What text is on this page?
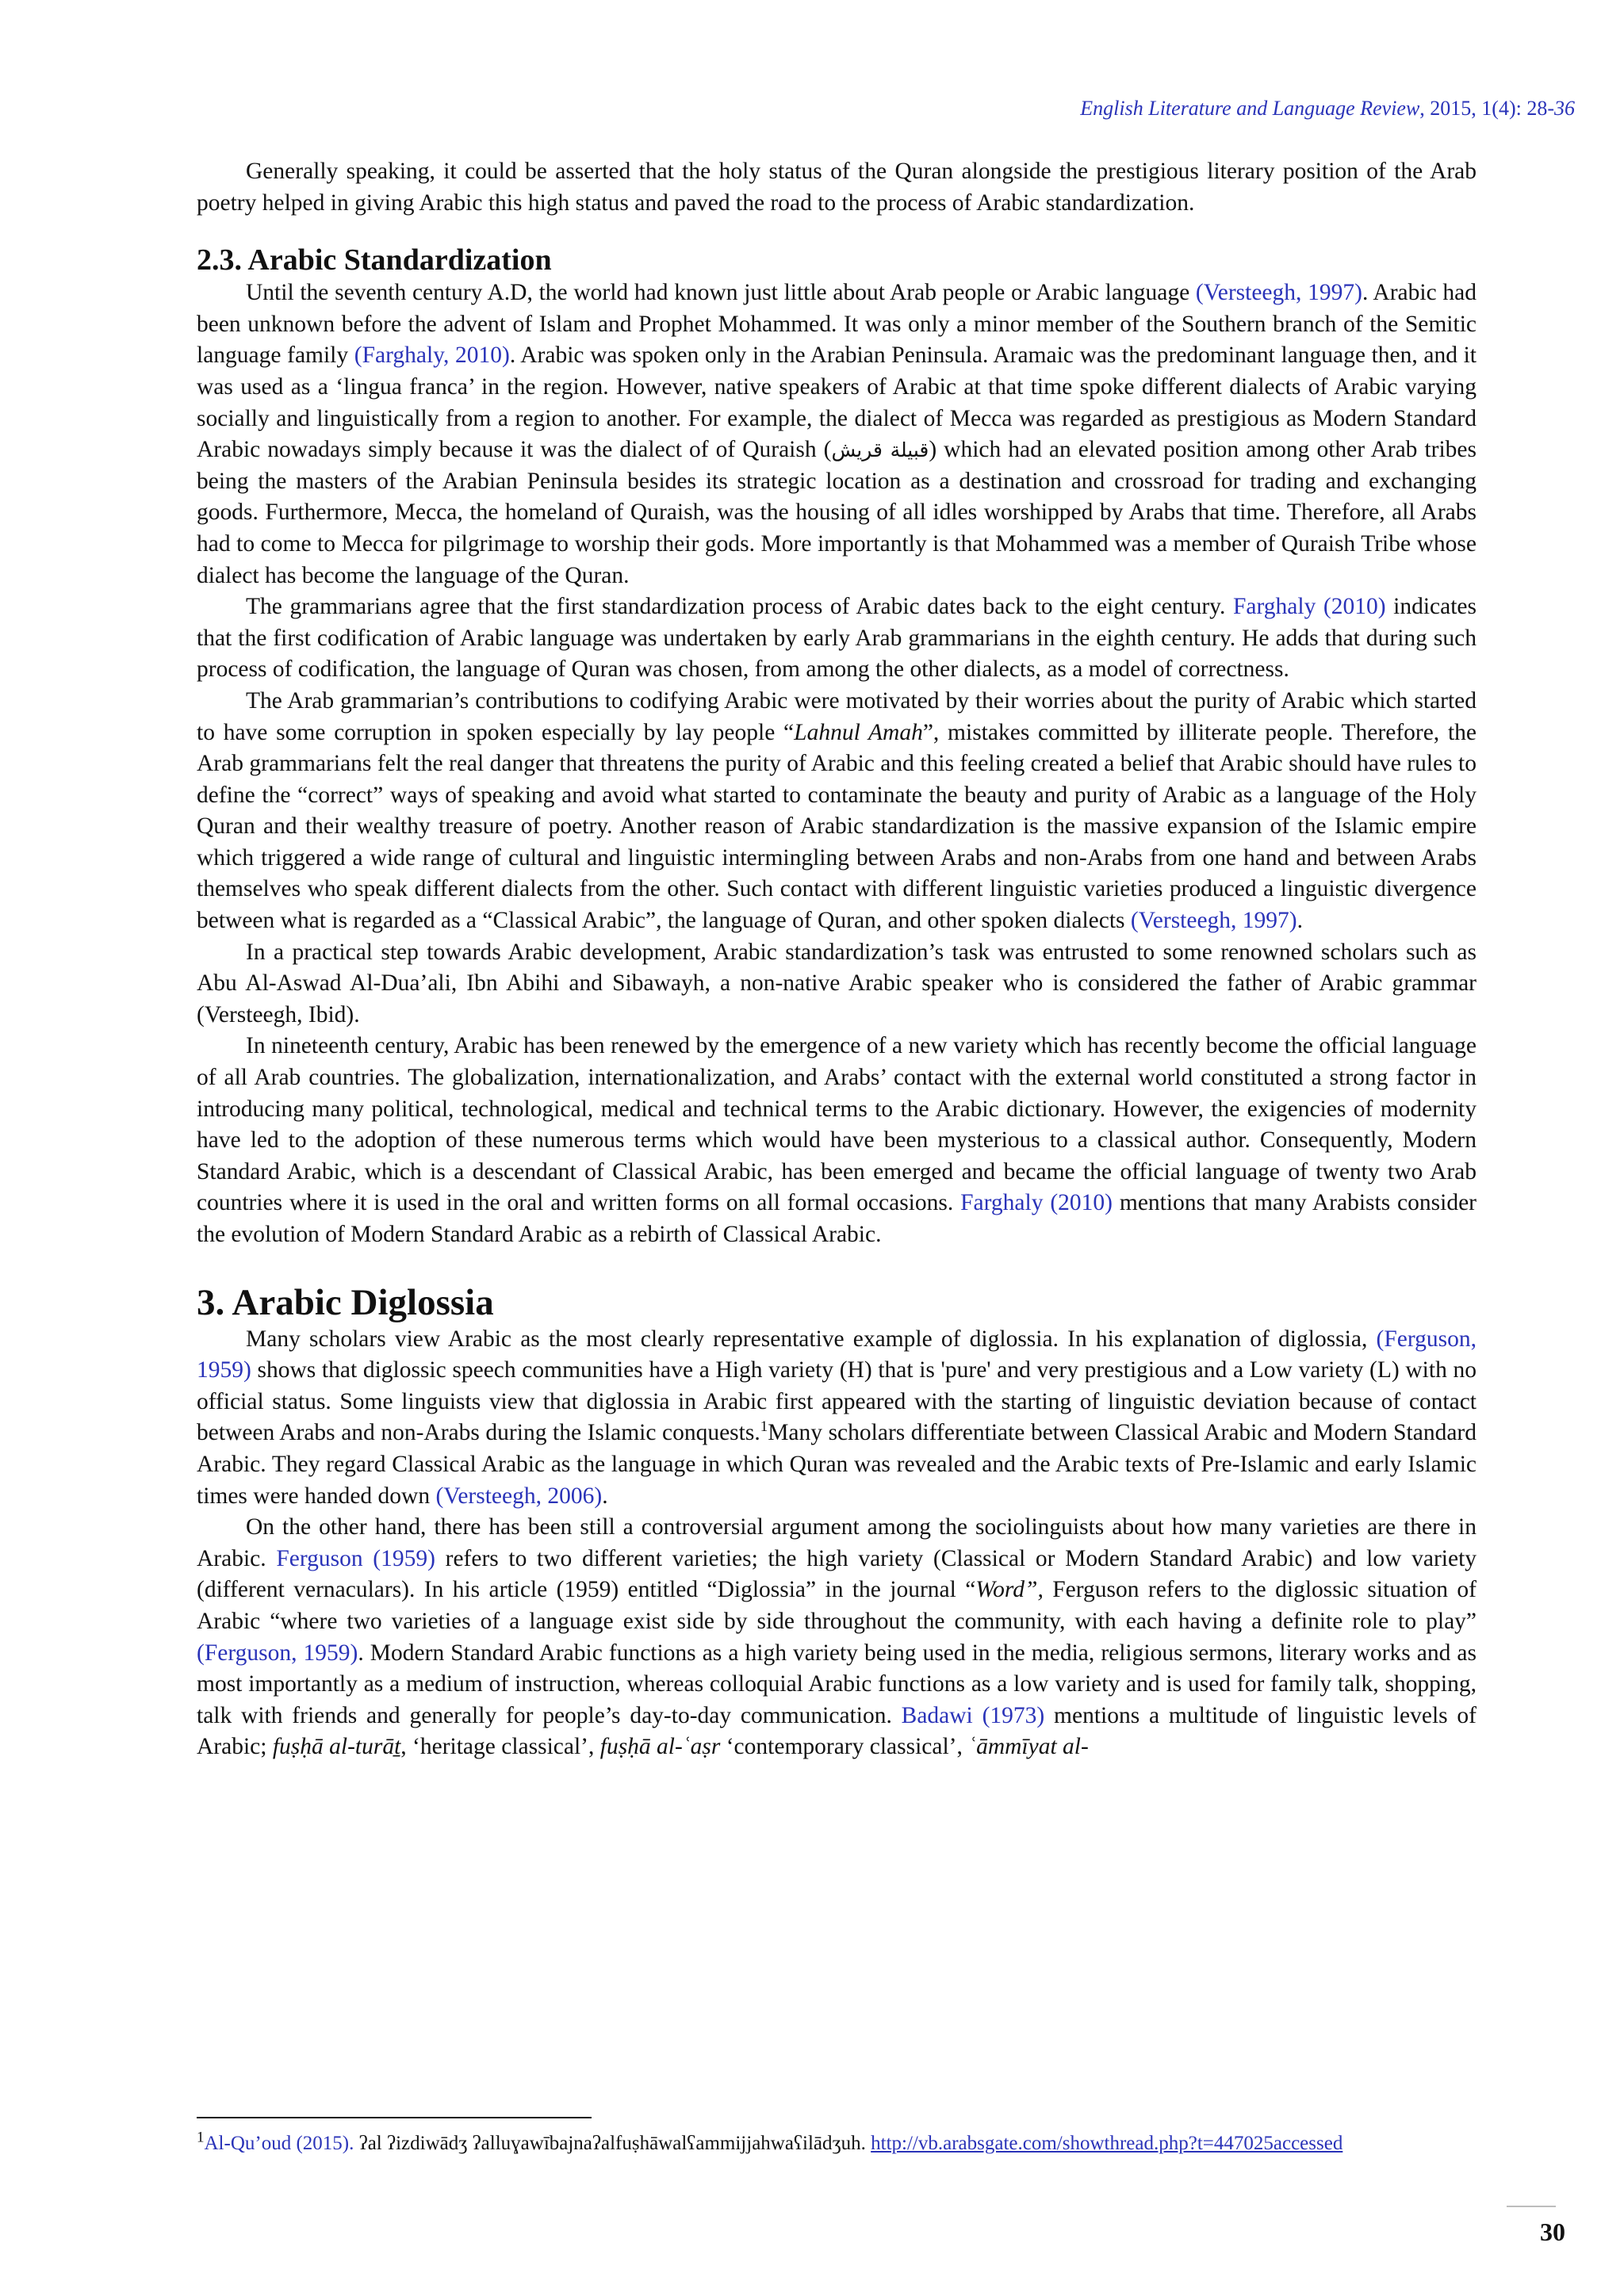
English Literature and Language Review, 2015, 1(4): 28-36

Generally speaking, it could be asserted that the holy status of the Quran alongside the prestigious literary position of the Arab poetry helped in giving Arabic this high status and paved the road to the process of Arabic standardization.

2.3. Arabic Standardization

Until the seventh century A.D, the world had known just little about Arab people or Arabic language (Versteegh, 1997). Arabic had been unknown before the advent of Islam and Prophet Mohammed. It was only a minor member of the Southern branch of the Semitic language family (Farghaly, 2010). Arabic was spoken only in the Arabian Peninsula. Aramaic was the predominant language then, and it was used as a ‘lingua franca’ in the region. However, native speakers of Arabic at that time spoke different dialects of Arabic varying socially and linguistically from a region to another. For example, the dialect of Mecca was regarded as prestigious as Modern Standard Arabic nowadays simply because it was the dialect of of Quraish (قبيلة قريش) which had an elevated position among other Arab tribes being the masters of the Arabian Peninsula besides its strategic location as a destination and crossroad for trading and exchanging goods. Furthermore, Mecca, the homeland of Quraish, was the housing of all idles worshipped by Arabs that time. Therefore, all Arabs had to come to Mecca for pilgrimage to worship their gods. More importantly is that Mohammed was a member of Quraish Tribe whose dialect has become the language of the Quran.

The grammarians agree that the first standardization process of Arabic dates back to the eight century. Farghaly (2010) indicates that the first codification of Arabic language was undertaken by early Arab grammarians in the eighth century. He adds that during such process of codification, the language of Quran was chosen, from among the other dialects, as a model of correctness.

The Arab grammarian’s contributions to codifying Arabic were motivated by their worries about the purity of Arabic which started to have some corruption in spoken especially by lay people “Lahnul Amah”, mistakes committed by illiterate people. Therefore, the Arab grammarians felt the real danger that threatens the purity of Arabic and this feeling created a belief that Arabic should have rules to define the “correct” ways of speaking and avoid what started to contaminate the beauty and purity of Arabic as a language of the Holy Quran and their wealthy treasure of poetry. Another reason of Arabic standardization is the massive expansion of the Islamic empire which triggered a wide range of cultural and linguistic intermingling between Arabs and non-Arabs from one hand and between Arabs themselves who speak different dialects from the other. Such contact with different linguistic varieties produced a linguistic divergence between what is regarded as a “Classical Arabic”, the language of Quran, and other spoken dialects (Versteegh, 1997).

In a practical step towards Arabic development, Arabic standardization’s task was entrusted to some renowned scholars such as Abu Al-Aswad Al-Dua’ali, Ibn Abihi and Sibawayh, a non-native Arabic speaker who is considered the father of Arabic grammar (Versteegh, Ibid).

In nineteenth century, Arabic has been renewed by the emergence of a new variety which has recently become the official language of all Arab countries. The globalization, internationalization, and Arabs’ contact with the external world constituted a strong factor in introducing many political, technological, medical and technical terms to the Arabic dictionary. However, the exigencies of modernity have led to the adoption of these numerous terms which would have been mysterious to a classical author. Consequently, Modern Standard Arabic, which is a descendant of Classical Arabic, has been emerged and became the official language of twenty two Arab countries where it is used in the oral and written forms on all formal occasions. Farghaly (2010) mentions that many Arabists consider the evolution of Modern Standard Arabic as a rebirth of Classical Arabic.

3. Arabic Diglossia

Many scholars view Arabic as the most clearly representative example of diglossia. In his explanation of diglossia, (Ferguson, 1959) shows that diglossic speech communities have a High variety (H) that is 'pure' and very prestigious and a Low variety (L) with no official status. Some linguists view that diglossia in Arabic first appeared with the starting of linguistic deviation because of contact between Arabs and non-Arabs during the Islamic conquests.$^1$Many scholars differentiate between Classical Arabic and Modern Standard Arabic. They regard Classical Arabic as the language in which Quran was revealed and the Arabic texts of Pre-Islamic and early Islamic times were handed down (Versteegh, 2006).

On the other hand, there has been still a controversial argument among the sociolinguists about how many varieties are there in Arabic. Ferguson (1959) refers to two different varieties; the high variety (Classical or Modern Standard Arabic) and low variety (different vernaculars). In his article (1959) entitled “Diglossia” in the journal “Word”, Ferguson refers to the diglossic situation of Arabic “where two varieties of a language exist side by side throughout the community, with each having a definite role to play” (Ferguson, 1959). Modern Standard Arabic functions as a high variety being used in the media, religious sermons, literary works and as most importantly as a medium of instruction, whereas colloquial Arabic functions as a low variety and is used for family talk, shopping, talk with friends and generally for people’s day-to-day communication. Badawi (1973) mentions a multitude of linguistic levels of Arabic; fuṣḥā al-turāṯ, ‘heritage classical’, fuṣḥā al-ʿaṣr ‘contemporary classical’, ʿāmmīyat al-

$^1$Al-Qu’oud (2015). ʔal ʔizdiwādʒ ʔalluɣawībajnaʔalfuṣhāwalʕammijjahwaʕilādʒuh. http://vb.arabsgate.com/showthread.php?t=447025accessed
30
